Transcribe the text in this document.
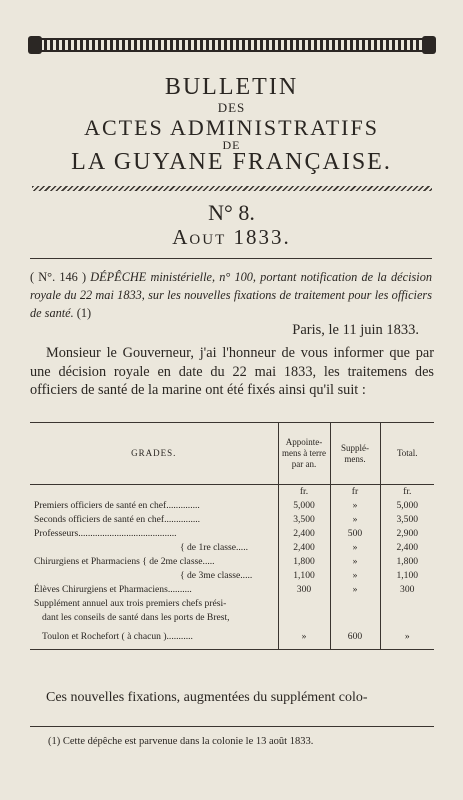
BULLETIN
DES
ACTES ADMINISTRATIFS
DE
LA GUYANE FRANÇAISE.
N° 8.
Aout 1833.
( N°. 146 ) DÉPÊCHE ministérielle, n° 100, portant notification de la décision royale du 22 mai 1833, sur les nouvelles fixations de traitement pour les officiers de santé. (1)
Paris, le 11 juin 1833.
Monsieur le Gouverneur, j'ai l'honneur de vous informer que par une décision royale en date du 22 mai 1833, les traitemens des officiers de santé de la marine ont été fixés ainsi qu'il suit :
GRADES.	Appointe-mens à terre par an.	Supplé-mens.	Total.
	fr.	fr	fr.
Premiers officiers de santé en chef..............	5,000	»	5,000
Seconds officiers de santé en chef...............	3,500	»	3,500
Professeurs.........................................	2,400	500	2,900
{ de 1re classe.....	2,400	»	2,400
Chirurgiens et Pharmaciens { de 2me classe.....	1,800	»	1,800
{ de 3me classe.....	1,100	»	1,100
Élèves Chirurgiens et Pharmaciens..........	300	»	300
Supplément annuel aux trois premiers chefs prési-			
dant les conseils de santé dans les ports de Brest,			
Toulon et Rochefort ( à chacun )...........	»	600	»
Ces nouvelles fixations, augmentées du supplément colo-
(1) Cette dépêche est parvenue dans la colonie le 13 août 1833.
